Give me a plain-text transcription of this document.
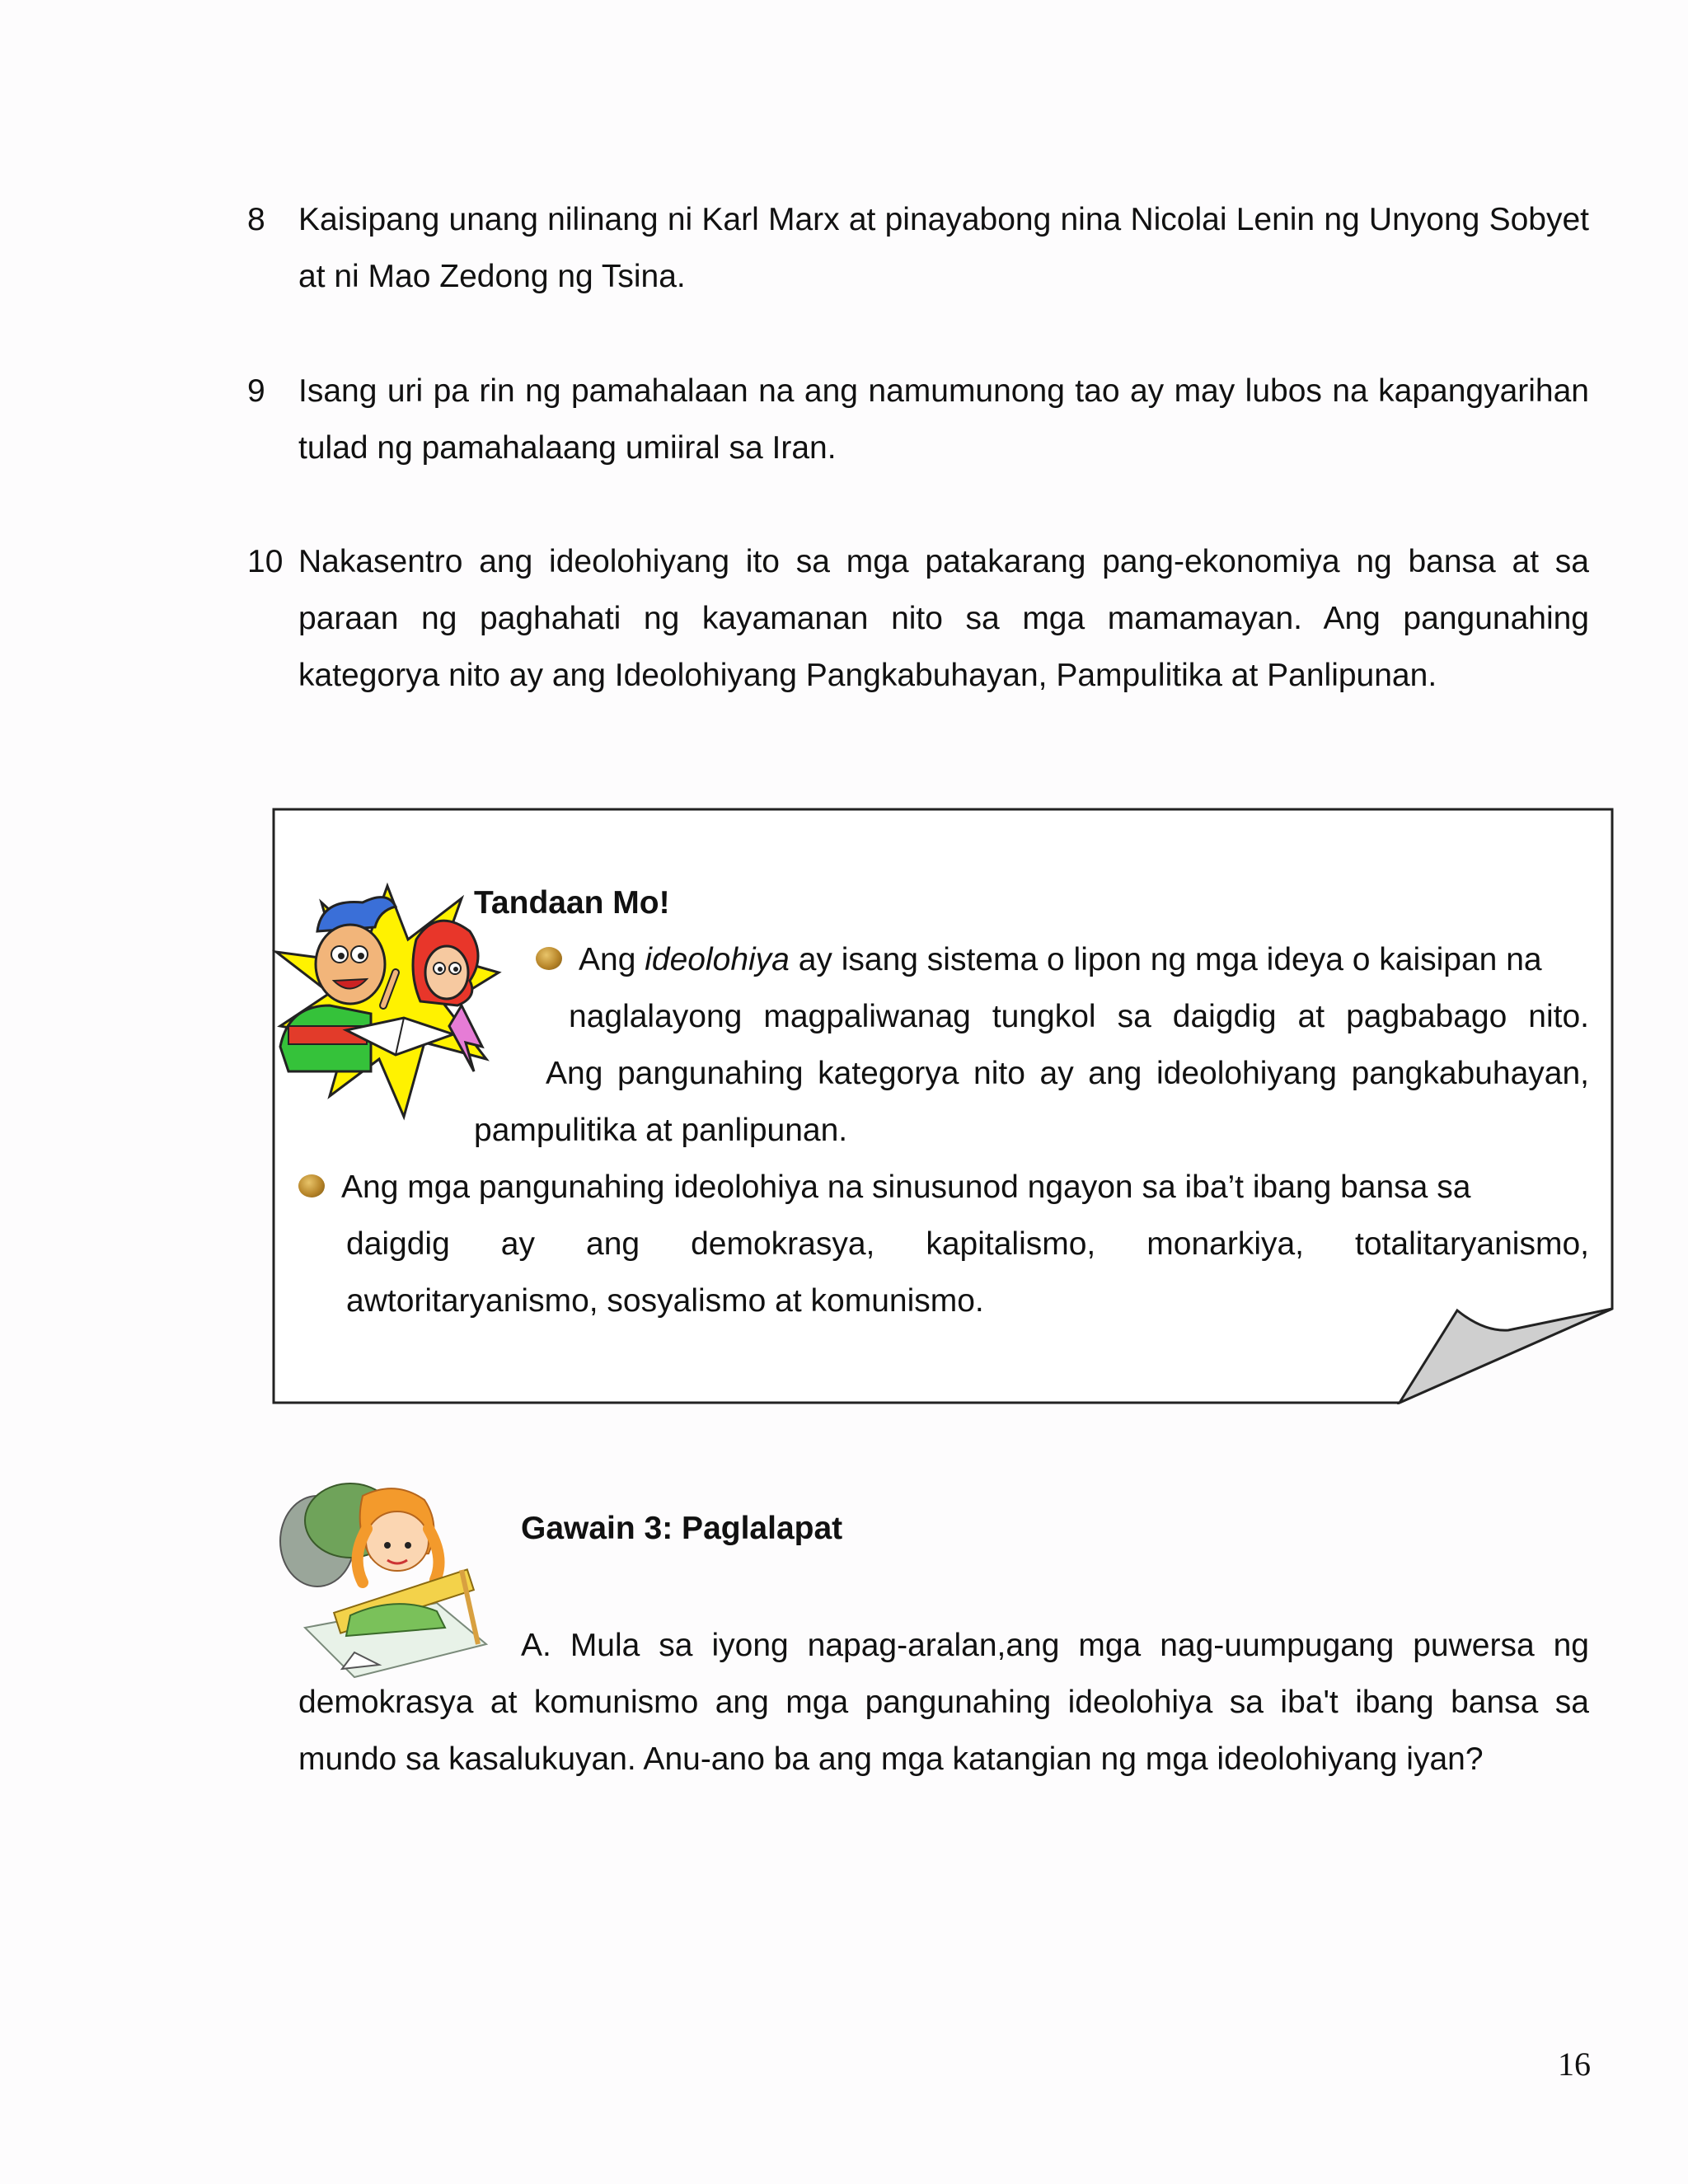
8	Kaisipang unang nilinang ni Karl Marx at pinayabong nina Nicolai Lenin ng Unyong Sobyet at ni Mao Zedong ng Tsina.
9	Isang uri pa rin ng pamahalaan na ang namumunong tao ay may lubos na kapangyarihan tulad ng pamahalaang umiiral sa Iran.
10 Nakasentro ang ideolohiyang ito sa mga patakarang pang-ekonomiya ng bansa at sa paraan ng paghahati ng kayamanan nito sa mga mamamayan. Ang pangunahing kategorya nito ay ang Ideolohiyang Pangkabuhayan, Pampulitika at Panlipunan.
Tandaan Mo!
Ang ideolohiya ay isang sistema o lipon ng mga ideya o kaisipan na
naglalayong magpaliwanag tungkol sa daigdig at pagbabago nito.
Ang pangunahing kategorya nito ay ang ideolohiyang pangkabuhayan,
pampulitika at panlipunan.
Ang mga pangunahing ideolohiya na sinusunod ngayon sa iba’t ibang bansa sa
daigdig ay ang demokrasya, kapitalismo, monarkiya, totalitaryanismo,
awtoritaryanismo, sosyalismo at komunismo.
Gawain 3: Paglalapat
A. Mula sa iyong napag-aralan,ang mga nag-uumpugang puwersa ng
demokrasya at komunismo ang mga pangunahing ideolohiya sa iba't ibang bansa sa
mundo sa kasalukuyan. Anu-ano ba ang mga katangian ng mga ideolohiyang iyan?
16
